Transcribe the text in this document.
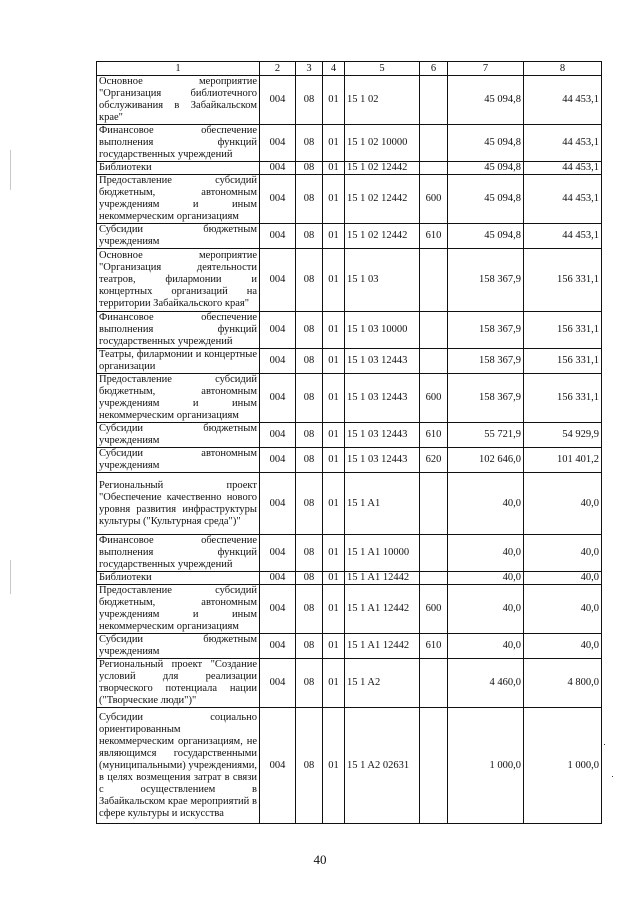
1	2	3	4	5	6	7	8
Основное мероприятие "Организация библиотечного обслуживания в Забайкальском крае"	004	08	01	15 1 02		45 094,8	44 453,1
Финансовое обеспечение выполнения функций государственных учреждений	004	08	01	15 1 02 10000		45 094,8	44 453,1
Библиотеки	004	08	01	15 1 02 12442		45 094,8	44 453,1
Предоставление субсидий бюджетным, автономным учреждениям и иным некоммерческим организациям	004	08	01	15 1 02 12442	600	45 094,8	44 453,1
Субсидии бюджетным учреждениям	004	08	01	15 1 02 12442	610	45 094,8	44 453,1
Основное мероприятие "Организация деятельности театров, филармонии и концертных организаций на территории Забайкальского края"	004	08	01	15 1 03		158 367,9	156 331,1
Финансовое обеспечение выполнения функций государственных учреждений	004	08	01	15 1 03 10000		158 367,9	156 331,1
Театры, филармонии и концертные организации	004	08	01	15 1 03 12443		158 367,9	156 331,1
Предоставление субсидий бюджетным, автономным учреждениям и иным некоммерческим организациям	004	08	01	15 1 03 12443	600	158 367,9	156 331,1
Субсидии бюджетным учреждениям	004	08	01	15 1 03 12443	610	55 721,9	54 929,9
Субсидии автономным учреждениям	004	08	01	15 1 03 12443	620	102 646,0	101 401,2
Региональный проект "Обеспечение качественно нового уровня развития инфраструктуры культуры ("Культурная среда")"	004	08	01	15 1 A1		40,0	40,0
Финансовое обеспечение выполнения функций государственных учреждений	004	08	01	15 1 A1 10000		40,0	40,0
Библиотеки	004	08	01	15 1 A1 12442		40,0	40,0
Предоставление субсидий бюджетным, автономным учреждениям и иным некоммерческим организациям	004	08	01	15 1 A1 12442	600	40,0	40,0
Субсидии бюджетным учреждениям	004	08	01	15 1 A1 12442	610	40,0	40,0
Региональный проект "Создание условий для реализации творческого потенциала нации ("Творческие люди")"	004	08	01	15 1 A2		4 460,0	4 800,0
Субсидии социально ориентированным некоммерческим организациям, не являющимся государственными (муниципальными) учреждениями, в целях возмещения затрат в связи с осуществлением в Забайкальском крае мероприятий в сфере культуры и искусства	004	08	01	15 1 A2 02631		1 000,0	1 000,0
40
